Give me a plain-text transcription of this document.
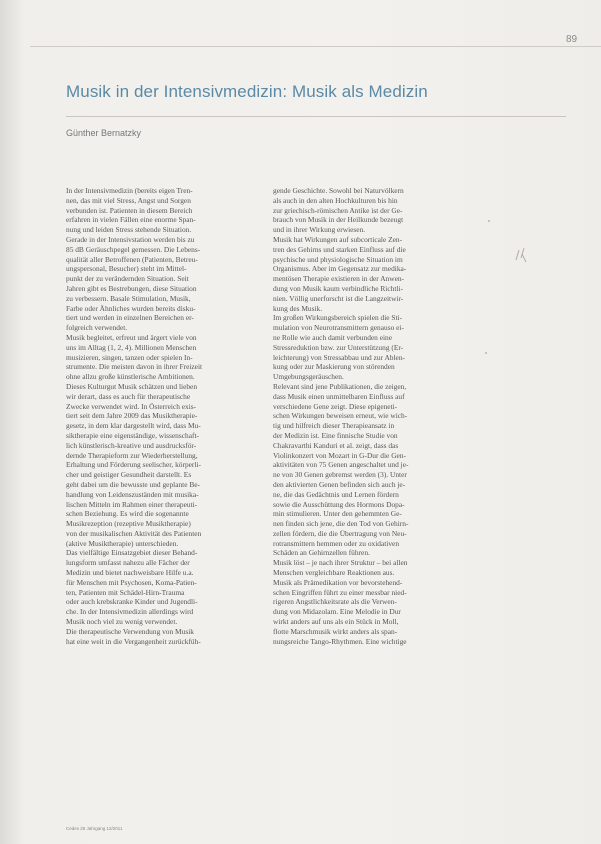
89
Musik in der Intensivmedizin: Musik als Medizin
Günther Bernatzky

In der Intensivmedizin (bereits eigen Tren-

nen, das mit viel Stress, Angst und Sorgen

verbunden ist. Patienten in diesem Bereich

erfahren in vielen Fällen eine enorme Span-

nung und leiden Stress stehende Situation.

Gerade in der Intensivstation werden bis zu

85 dB Geräuschpegel gemessen. Die Lebens-

qualität aller Betroffenen (Patienten, Betreu-

ungspersonal, Besucher) steht im Mittel-

punkt der zu verändernden Situation. Seit

Jahren gibt es Bestrebungen, diese Situation

zu verbessern. Basale Stimulation, Musik,

Farbe oder Ähnliches wurden bereits disku-

tiert und werden in einzelnen Bereichen er-

folgreich verwendet.

Musik begleitet, erfreut und ärgert viele von

uns im Alltag (1, 2, 4). Millionen Menschen

musizieren, singen, tanzen oder spielen In-

strumente. Die meisten davon in ihrer Freizeit

ohne allzu große künstlerische Ambitionen.

Dieses Kulturgut Musik schätzen und lieben

wir derart, dass es auch für therapeutische

Zwecke verwendet wird. In Österreich exis-

tiert seit dem Jahre 2009 das Musiktherapie-

gesetz, in dem klar dargestellt wird, dass Mu-

siktherapie eine eigenständige, wissenschaft-

lich künstlerisch-kreative und ausdrucksför-

dernde Therapieform zur Wiederherstellung,

Erhaltung und Förderung seelischer, körperli-

cher und geistiger Gesundheit darstellt. Es

geht dabei um die bewusste und geplante Be-

handlung von Leidenszuständen mit musika-

lischen Mitteln im Rahmen einer therapeuti-

schen Beziehung. Es wird die sogenannte

Musikrezeption (rezeptive Musiktherapie)

von der musikalischen Aktivität des Patienten

(aktive Musiktherapie) unterschieden.

Das vielfältige Einsatzgebiet dieser Behand-

lungsform umfasst nahezu alle Fächer der

Medizin und bietet nachweisbare Hilfe u.a.

für Menschen mit Psychosen, Koma-Patien-

ten, Patienten mit Schädel-Hirn-Trauma

oder auch krebskranke Kinder und Jugendli-

che. In der Intensivmedizin allerdings wird

Musik noch viel zu wenig verwendet.

Die therapeutische Verwendung von Musik

hat eine weit in die Vergangenheit zurückfüh-

gende Geschichte. Sowohl bei Naturvölkern

als auch in den alten Hochkulturen bis hin

zur griechisch-römischen Antike ist der Ge-

brauch von Musik in der Heilkunde bezeugt

und in ihrer Wirkung erwiesen.

Musik hat Wirkungen auf subcorticale Zen-

tren des Gehirns und starken Einfluss auf die

psychische und physiologische Situation im

Organismus. Aber im Gegensatz zur medika-

mentösen Therapie existieren in der Anwen-

dung von Musik kaum verbindliche Richtli-

nien. Völlig unerforscht ist die Langzeitwir-

kung des Musik.

Im großen Wirkungsbereich spielen die Sti-

mulation von Neurotransmittern genauso ei-

ne Rolle wie auch damit verbunden eine

Stressreduktion bzw. zur Unterstützung (Er-

leichterung) von Stressabbau und zur Ablen-

kung oder zur Maskierung von störenden

Umgebungsgeräuschen.

Relevant sind jene Publikationen, die zeigen,

dass Musik einen unmittelbaren Einfluss auf

verschiedene Gene zeigt. Diese epigeneti-

schen Wirkungen beweisen erneut, wie wich-

tig und hilfreich dieser Therapieansatz in

der Medizin ist. Eine finnische Studie von

Chakravarthi Kanduri et al. zeigt, dass das

Violinkonzert von Mozart in G-Dur die Gen-

aktivitäten von 75 Genen angeschaltet und je-

ne von 30 Genen gebremst werden (3). Unter

den aktivierten Genen befinden sich auch je-

ne, die das Gedächtnis und Lernen fördern

sowie die Ausschüttung des Hormons Dopa-

min stimulieren. Unter den gehemmten Ge-

nen finden sich jene, die den Tod von Gehirn-

zellen fördern, die die Übertragung von Neu-

rotransmittern hemmen oder zu oxidativen

Schäden an Gehirnzellen führen.

Musik löst – je nach ihrer Struktur – bei allen

Menschen vergleichbare Reaktionen aus.

Musik als Prämedikation vor bevorstehend-

schen Eingriffen führt zu einer messbar nied-

rigeren Angstlichkeitsrate als die Verwen-

dung von Midazolam. Eine Melodie in Dur

wirkt anders auf uns als ein Stück in Moll,

flotte Marschmusik wirkt anders als span-

nungsreiche Tango-Rhythmen. Eine wichtige

Cedes 25 Jahrgang 12/2011
